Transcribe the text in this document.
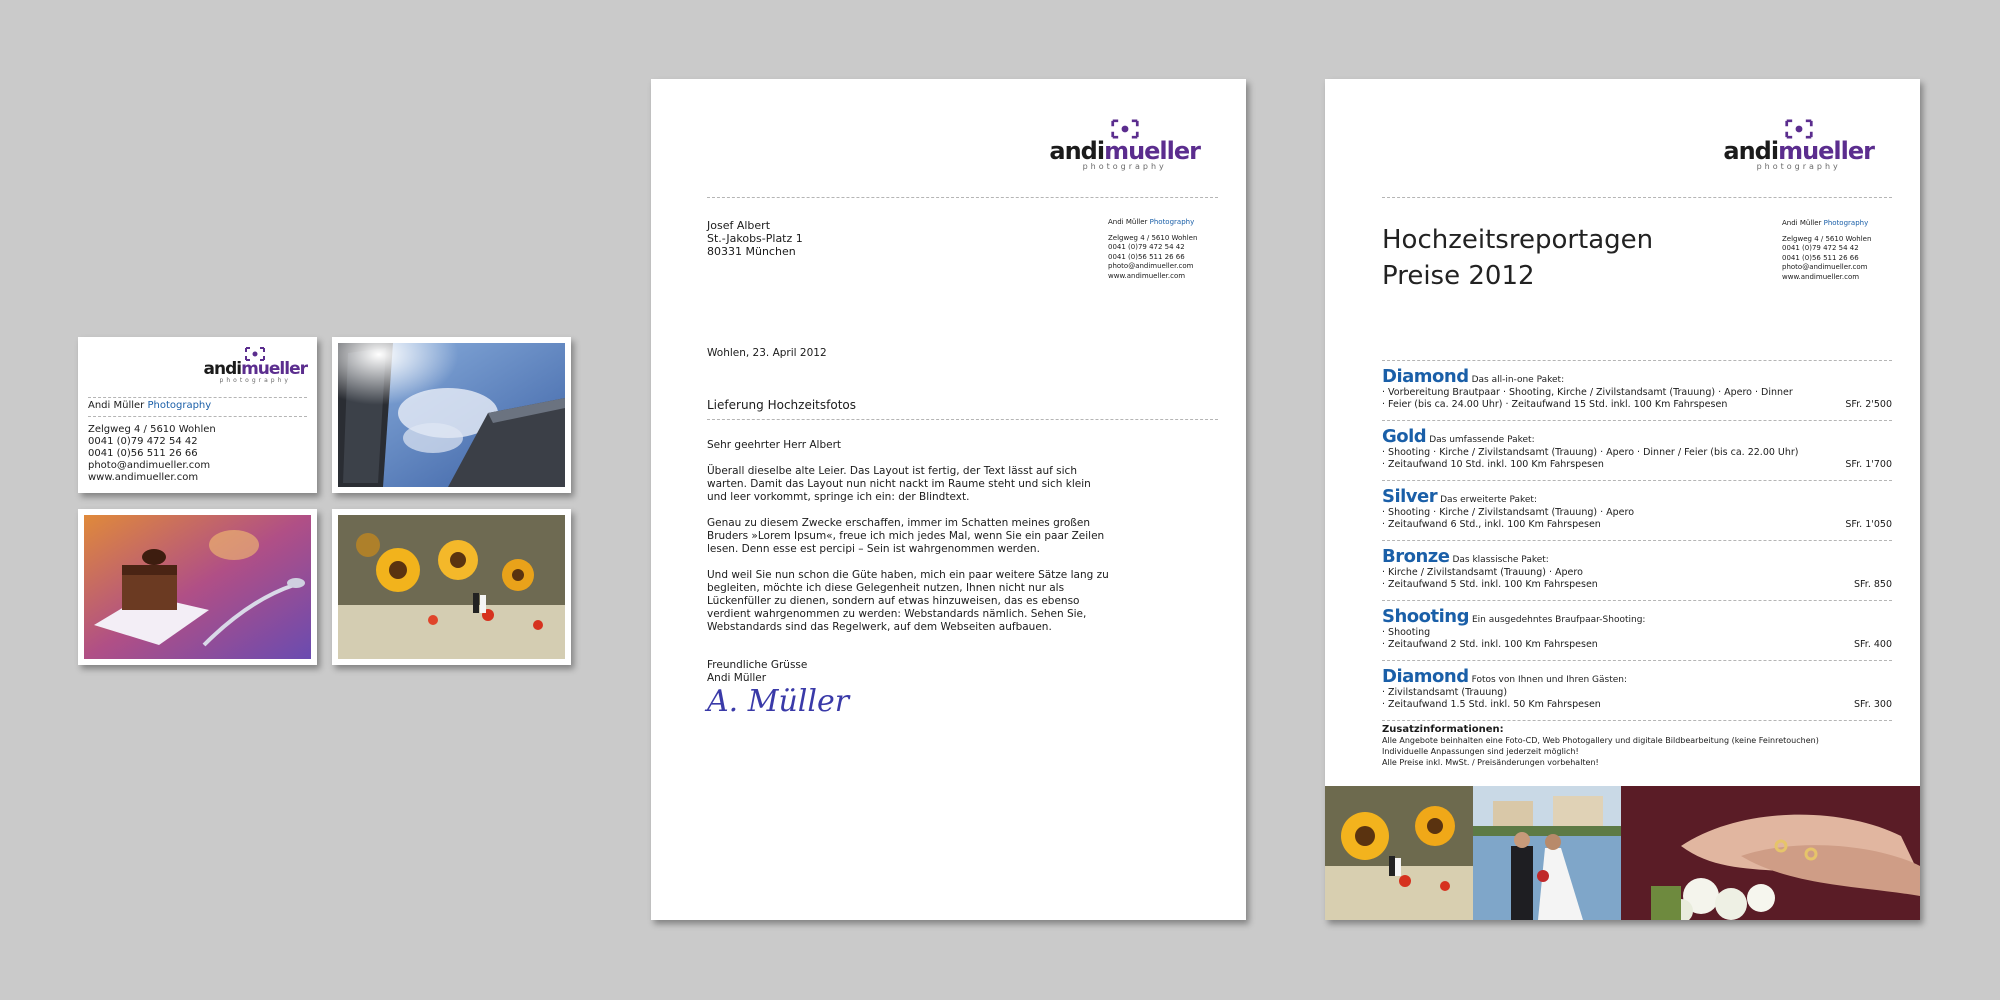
andimueller
photography
Andi Müller Photography
Zelgweg 4 / 5610 Wohlen
0041 (0)79 472 54 42
0041 (0)56 511 26 66
photo@andimueller.com
www.andimueller.com
andimueller
photography
Josef Albert
St.-Jakobs-Platz 1
80331 München
Andi Müller Photography
Zelgweg 4 / 5610 Wohlen
0041 (0)79 472 54 42
0041 (0)56 511 26 66
photo@andimueller.com
www.andimueller.com
Wohlen, 23. April 2012
Lieferung Hochzeitsfotos
Sehr geehrter Herr Albert
Überall dieselbe alte Leier. Das Layout ist fertig, der Text lässt auf sich warten. Damit das Layout nun nicht nackt im Raume steht und sich klein und leer vorkommt, springe ich ein: der Blindtext.
Genau zu diesem Zwecke erschaffen, immer im Schatten meines großen Bruders »Lorem Ipsum«, freue ich mich jedes Mal, wenn Sie ein paar Zeilen lesen. Denn esse est percipi – Sein ist wahrgenommen werden.
Und weil Sie nun schon die Güte haben, mich ein paar weitere Sätze lang zu begleiten, möchte ich diese Gelegenheit nutzen, Ihnen nicht nur als Lückenfüller zu dienen, sondern auf etwas hinzuweisen, das es ebenso verdient wahrgenommen zu werden: Webstandards nämlich. Sehen Sie, Webstandards sind das Regelwerk, auf dem Webseiten aufbauen.
Freundliche Grüsse
Andi Müller
A. Müller
andimueller
photography
Hochzeitsreportagen
Preise 2012
Andi Müller Photography
Zelgweg 4 / 5610 Wohlen
0041 (0)79 472 54 42
0041 (0)56 511 26 66
photo@andimueller.com
www.andimueller.com
Diamond Das all-in-one Paket:
· Vorbereitung Brautpaar · Shooting, Kirche / Zivilstandsamt (Trauung) · Apero · Dinner
· Feier (bis ca. 24.00 Uhr) · Zeitaufwand 15 Std. inkl. 100 Km Fahrspesen	SFr. 2'500
Gold Das umfassende Paket:
· Shooting · Kirche / Zivilstandsamt (Trauung) · Apero · Dinner / Feier (bis ca. 22.00 Uhr)
· Zeitaufwand 10 Std. inkl. 100 Km Fahrspesen	SFr. 1'700
Silver Das erweiterte Paket:
· Shooting · Kirche / Zivilstandsamt (Trauung) · Apero
· Zeitaufwand 6 Std., inkl. 100 Km Fahrspesen	SFr. 1'050
Bronze Das klassische Paket:
· Kirche / Zivilstandsamt (Trauung) · Apero
· Zeitaufwand 5 Std. inkl. 100 Km Fahrspesen	SFr. 850
Shooting Ein ausgedehntes Braufpaar-Shooting:
· Shooting
· Zeitaufwand 2 Std. inkl. 100 Km Fahrspesen	SFr. 400
Diamond Fotos von Ihnen und Ihren Gästen:
· Zivilstandsamt (Trauung)
· Zeitaufwand 1.5 Std. inkl. 50 Km Fahrspesen	SFr. 300
Zusatzinformationen:
Alle Angebote beinhalten eine Foto-CD, Web Photogallery und digitale Bildbearbeitung (keine Feinretouchen)
Individuelle Anpassungen sind jederzeit möglich!
Alle Preise inkl. MwSt. / Preisänderungen vorbehalten!
